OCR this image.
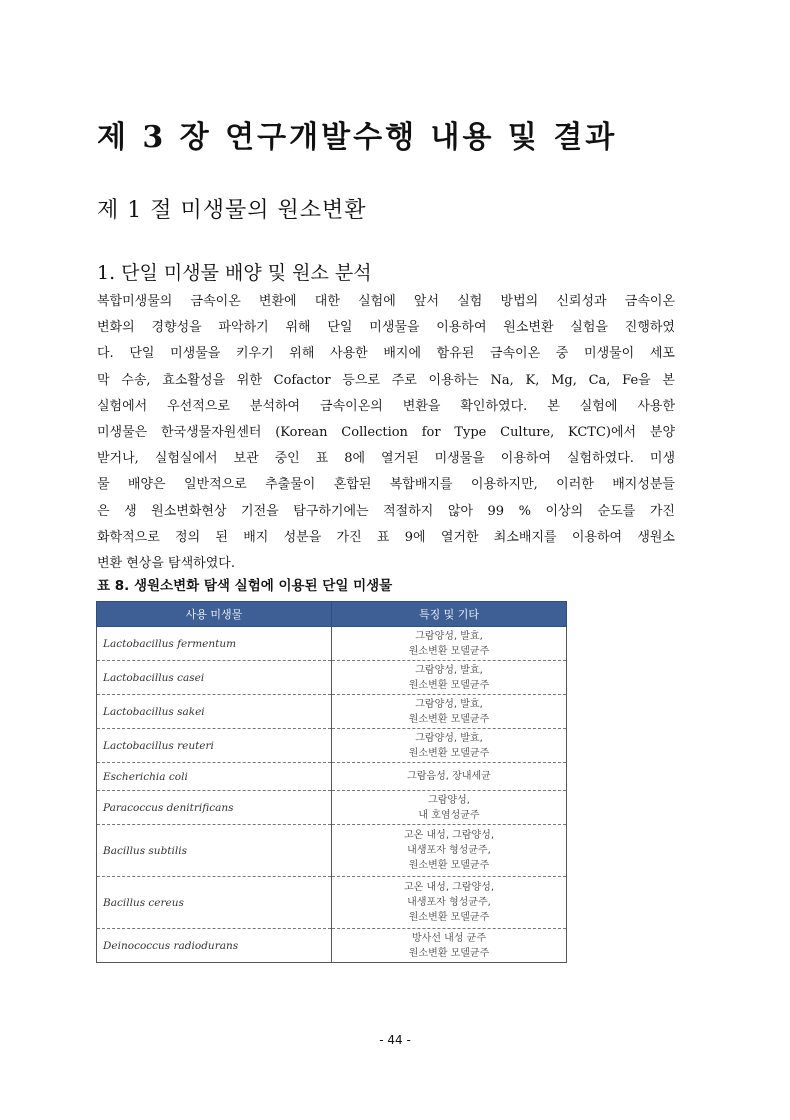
제 3 장 연구개발수행 내용 및 결과
제 1 절 미생물의 원소변환
1. 단일 미생물 배양 및 원소 분석
복합미생물의 금속이온 변환에 대한 실험에 앞서 실험 방법의 신뢰성과 금속이온
변화의 경향성을 파악하기 위해 단일 미생물을 이용하여 원소변환 실험을 진행하였
다. 단일 미생물을 키우기 위해 사용한 배지에 함유된 금속이온 중 미생물이 세포
막 수송, 효소활성을 위한 Cofactor 등으로 주로 이용하는 Na, K, Mg, Ca, Fe을 본
실험에서 우선적으로 분석하여 금속이온의 변환을 확인하였다. 본 실험에 사용한
미생물은 한국생물자원센터 (Korean Collection for Type Culture, KCTC)에서 분양
받거나, 실험실에서 보관 중인 표 8에 열거된 미생물을 이용하여 실험하였다. 미생
물 배양은 일반적으로 추출물이 혼합된 복합배지를 이용하지만, 이러한 배지성분들
은 생 원소변화현상 기전을 탐구하기에는 적절하지 않아 99 % 이상의 순도를 가진
화학적으로 정의 된 배지 성분을 가진 표 9에 열거한 최소배지를 이용하여 생원소
변환 현상을 탐색하였다.

표 8. 생원소변화 탐색 실험에 이용된 단일 미생물

사용 미생물	특징 및 기타
Lactobacillus fermentum	그람양성, 발효,
원소변환 모델균주

Lactobacillus casei	그람양성, 발효,
원소변환 모델균주

Lactobacillus sakei	그람양성, 발효,
원소변환 모델균주

Lactobacillus reuteri	그람양성, 발효,
원소변환 모델균주

Escherichia coli	그람음성, 장내세균

Paracoccus denitrificans	그람양성,
내 호염성균주

Bacillus subtilis	고온 내성, 그람양성,
내생포자 형성균주,
원소변환 모델균주

Bacillus cereus	고온 내성, 그람양성,
내생포자 형성균주,
원소변환 모델균주

Deinococcus radiodurans	방사선 내성 균주
원소변환 모델균주
- 44 -
